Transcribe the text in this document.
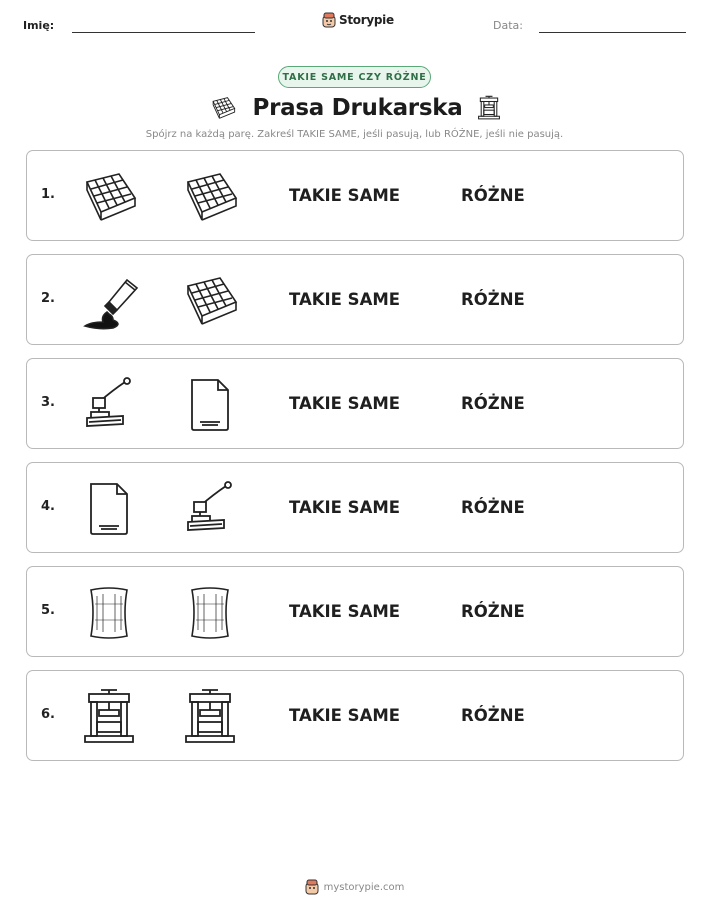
Imię:	Storypie	Data:
TAKIE SAME CZY RÓŻNE
Prasa Drukarska
Spójrz na każdą parę. Zakreśl TAKIE SAME, jeśli pasują, lub RÓŻNE, jeśli nie pasują.
1.	TAKIE SAME	RÓŻNE
2.	TAKIE SAME	RÓŻNE
3.	TAKIE SAME	RÓŻNE
4.	TAKIE SAME	RÓŻNE
5.	TAKIE SAME	RÓŻNE
6.	TAKIE SAME	RÓŻNE
mystorypie.com
